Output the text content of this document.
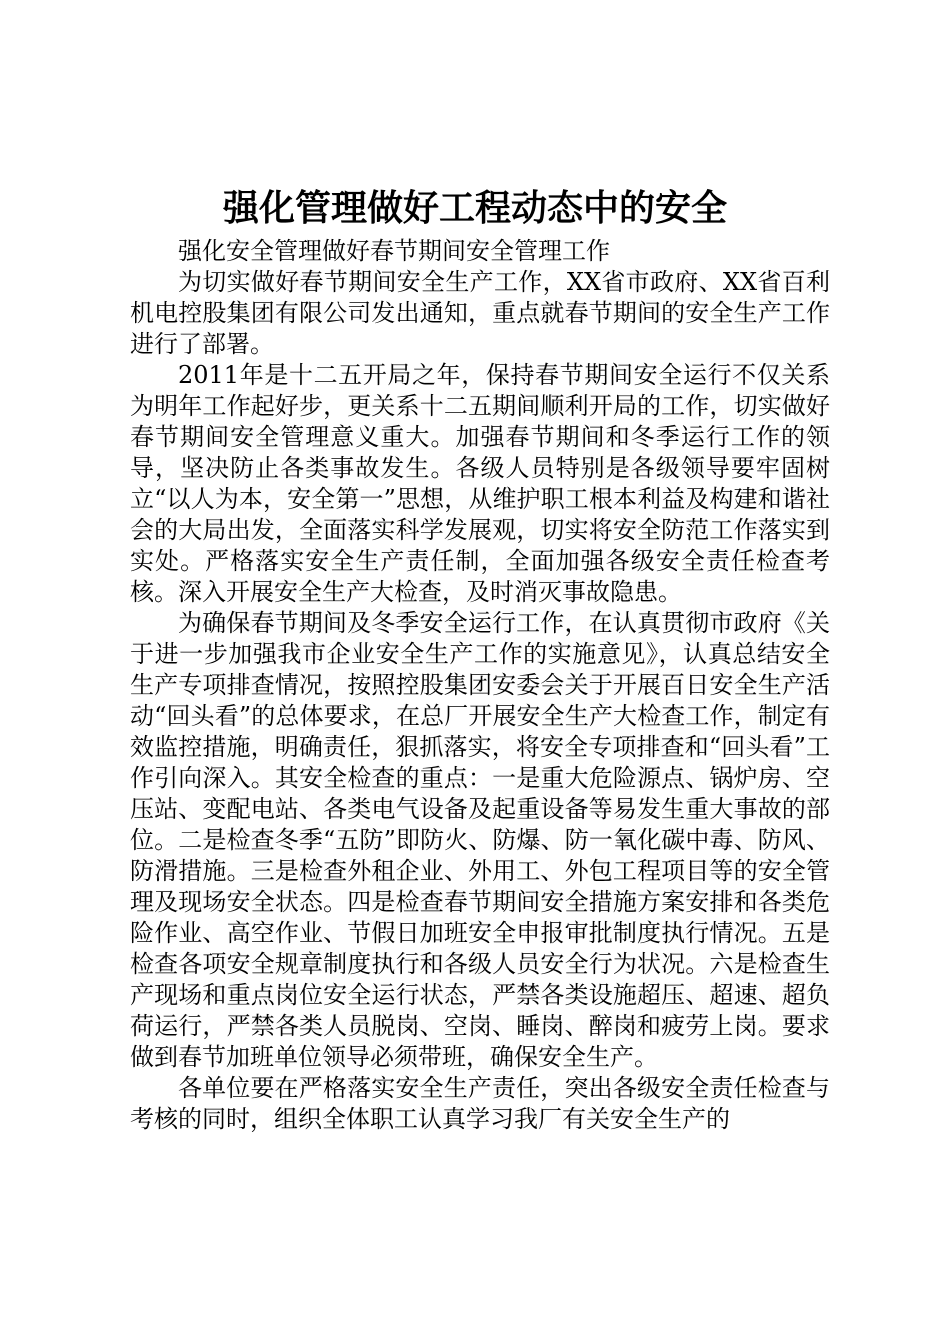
强化管理做好工程动态中的安全

强化安全管理做好春节期间安全管理工作

为切实做好春节期间安全生产工作，XX省市政府、XX省百利机电控股集团有限公司发出通知，重点就春节期间的安全生产工作进行了部署。

2011年是十二五开局之年，保持春节期间安全运行不仅关系为明年工作起好步，更关系十二五期间顺利开局的工作，切实做好春节期间安全管理意义重大。加强春节期间和冬季运行工作的领导，坚决防止各类事故发生。各级人员特别是各级领导要牢固树立“以人为本，安全第一”思想，从维护职工根本利益及构建和谐社会的大局出发，全面落实科学发展观，切实将安全防范工作落实到实处。严格落实安全生产责任制，全面加强各级安全责任检查考核。深入开展安全生产大检查，及时消灭事故隐患。

为确保春节期间及冬季安全运行工作，在认真贯彻市政府《关于进一步加强我市企业安全生产工作的实施意见》，认真总结安全生产专项排查情况，按照控股集团安委会关于开展百日安全生产活动“回头看”的总体要求，在总厂开展安全生产大检查工作，制定有效监控措施，明确责任，狠抓落实，将安全专项排查和“回头看”工作引向深入。其安全检查的重点：一是重大危险源点、锅炉房、空压站、变配电站、各类电气设备及起重设备等易发生重大事故的部位。二是检查冬季“五防”即防火、防爆、防一氧化碳中毒、防风、防滑措施。三是检查外租企业、外用工、外包工程项目等的安全管理及现场安全状态。四是检查春节期间安全措施方案安排和各类危险作业、高空作业、节假日加班安全申报审批制度执行情况。五是检查各项安全规章制度执行和各级人员安全行为状况。六是检查生产现场和重点岗位安全运行状态，严禁各类设施超压、超速、超负荷运行，严禁各类人员脱岗、空岗、睡岗、醉岗和疲劳上岗。要求做到春节加班单位领导必须带班，确保安全生产。

各单位要在严格落实安全生产责任，突出各级安全责任检查与考核的同时，组织全体职工认真学习我厂有关安全生产的
